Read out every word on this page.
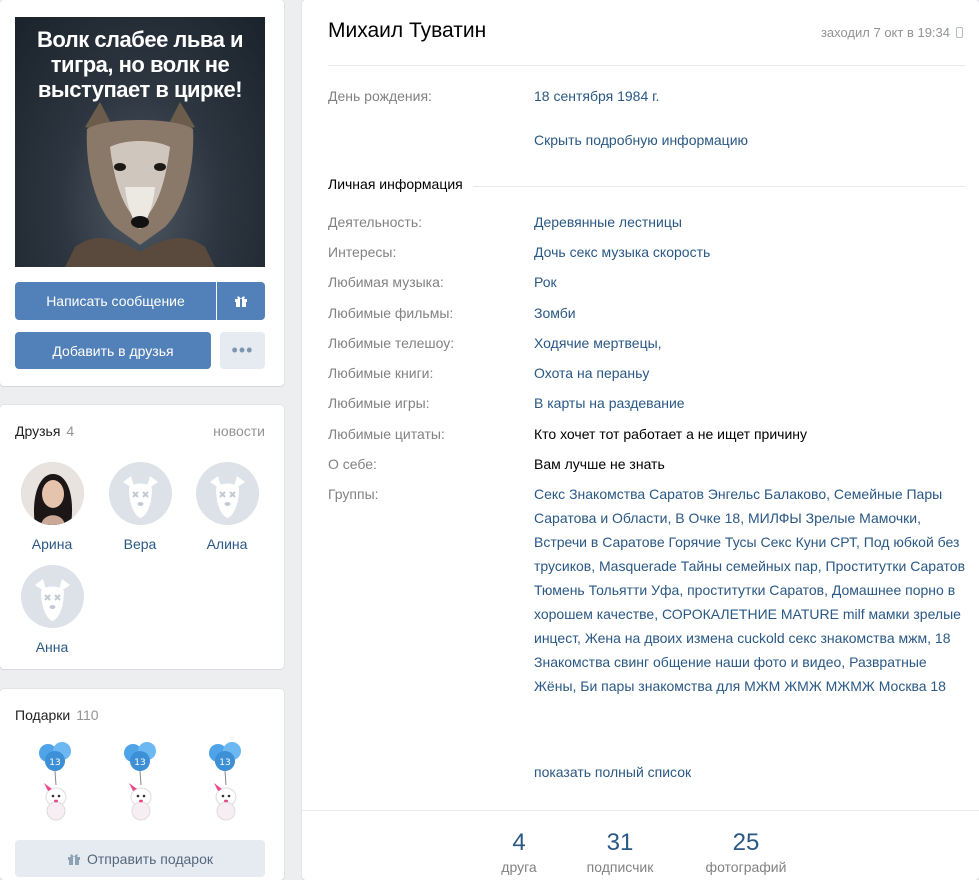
Волк слабее льва и тигра, но волк не выступает в цирке!
Написать сообщение
Добавить в друзья	•••
Друзья 4	новости
Арина	Вера	Алина
Анна
Подарки 110
13	13	13
Отправить подарок
Михаил Туватин	заходил 7 окт в 19:34
День рождения:	18 сентября 1984 г.
Скрыть подробную информацию
Личная информация
Деятельность:	Деревянные лестницы
Интересы:	Дочь секс музыка скорость
Любимая музыка:	Рок
Любимые фильмы:	Зомби
Любимые телешоу:	Ходячие мертвецы,
Любимые книги:	Охота на пераньу
Любимые игры:	В карты на раздевание
Любимые цитаты:	Кто хочет тот работает а не ищет причину
О себе:	Вам лучше не знать
Группы:	Секс Знакомства Саратов Энгельс Балаково, Семейные Пары Саратова и Области, В Очке 18, МИЛФЫ Зрелые Мамочки, Встречи в Саратове Горячие Тусы Секс Куни СРТ, Под юбкой без трусиков, Masquerade Тайны семейных пар, Проститутки Саратов Тюмень Тольятти Уфа, проститутки Саратов, Домашнее порно в хорошем качестве, СОРОКАЛЕТНИЕ MATURE milf мамки зрелые инцест, Жена на двоих измена cuckold секс знакомства мжм, 18 Знакомства свинг общение наши фото и видео, Развратные Жёны, Би пары знакомства для МЖМ ЖМЖ МЖМЖ Москва 18
показать полный список
4
друга
31
подписчик
25
фотографий
